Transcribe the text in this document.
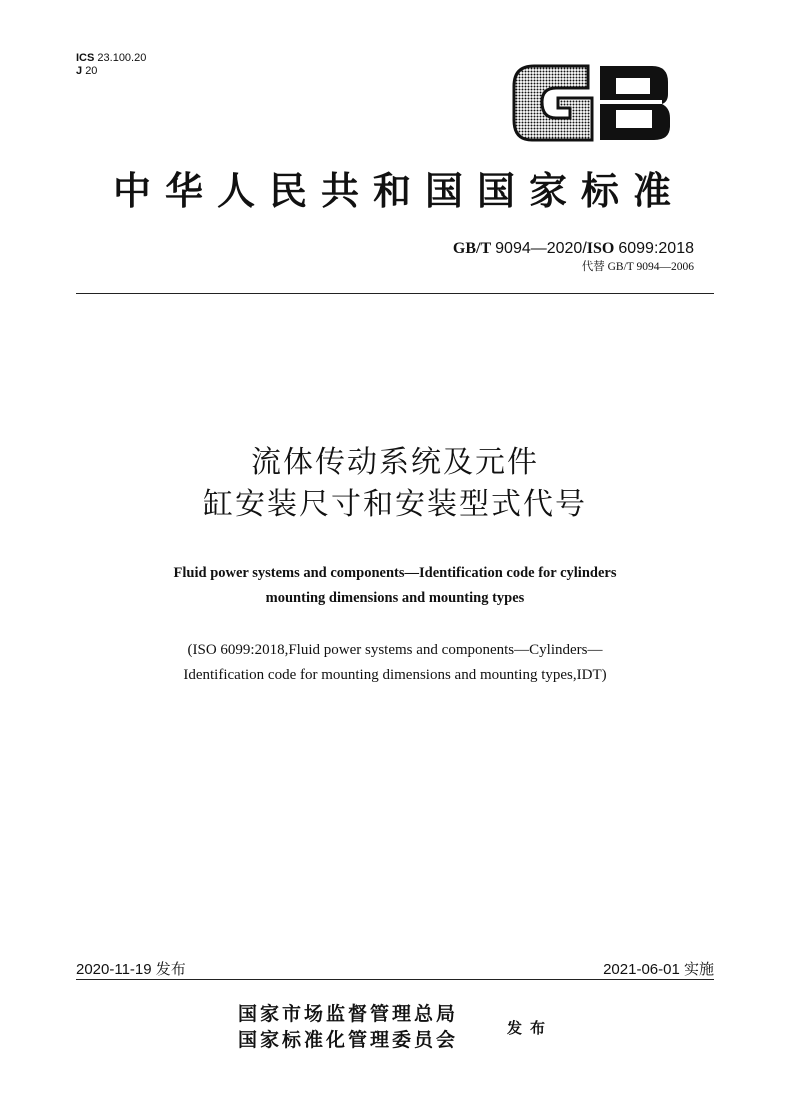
ICS 23.100.20
J 20
中华人民共和国国家标准
GB/T 9094—2020/ISO 6099:2018
代替 GB/T 9094—2006
流体传动系统及元件
缸安装尺寸和安装型式代号
Fluid power systems and components—Identification code for cylinders
mounting dimensions and mounting types
(ISO 6099:2018,Fluid power systems and components—Cylinders—
Identification code for mounting dimensions and mounting types,IDT)
2020-11-19 发布	2021-06-01 实施
国家市场监督管理总局
国家标准化管理委员会
发布
